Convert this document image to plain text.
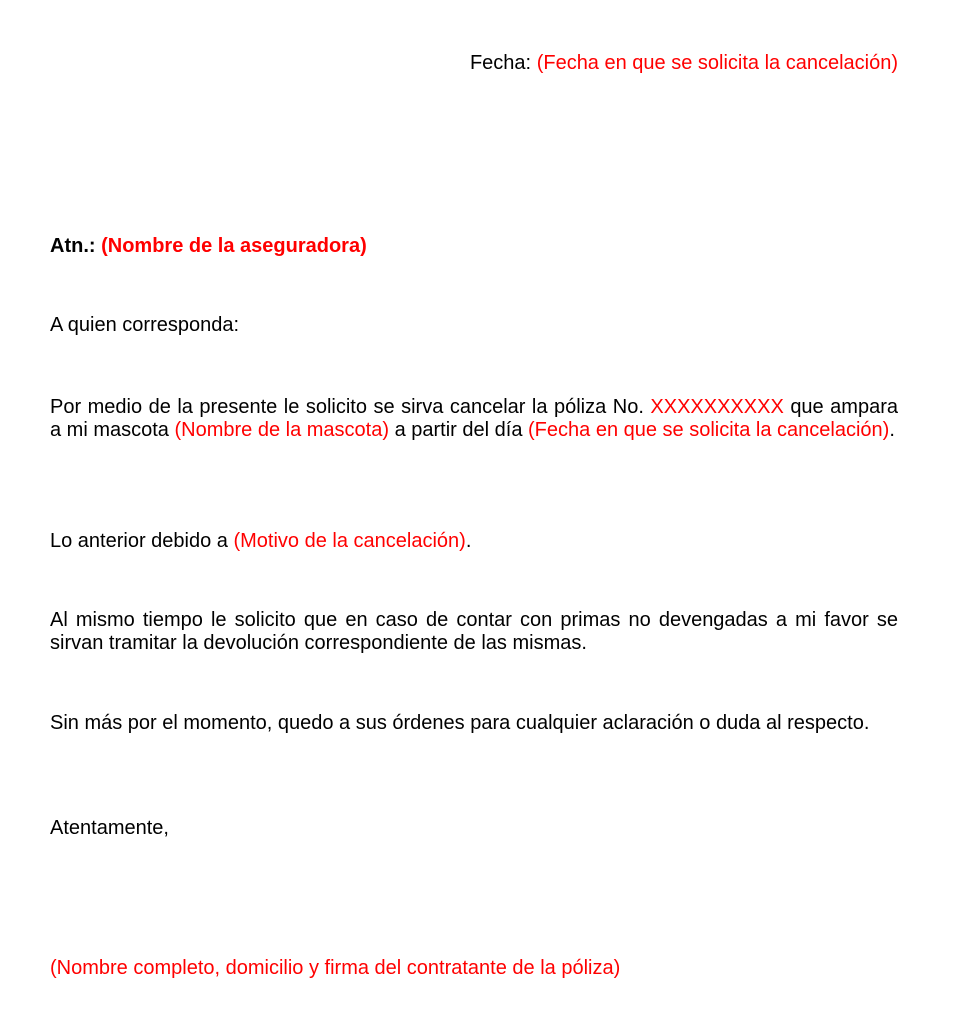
Fecha: (Fecha en que se solicita la cancelación)

Atn.: (Nombre de la aseguradora)

A quien corresponda:

Por medio de la presente le solicito se sirva cancelar la póliza No. XXXXXXXXXX que ampara a mi mascota (Nombre de la mascota) a partir del día (Fecha en que se solicita la cancelación).

Lo anterior debido a (Motivo de la cancelación).

Al mismo tiempo le solicito que en caso de contar con primas no devengadas a mi favor se sirvan tramitar la devolución correspondiente de las mismas.

Sin más por el momento, quedo a sus órdenes para cualquier aclaración o duda al respecto.

Atentamente,

(Nombre completo, domicilio y firma del contratante de la póliza)
